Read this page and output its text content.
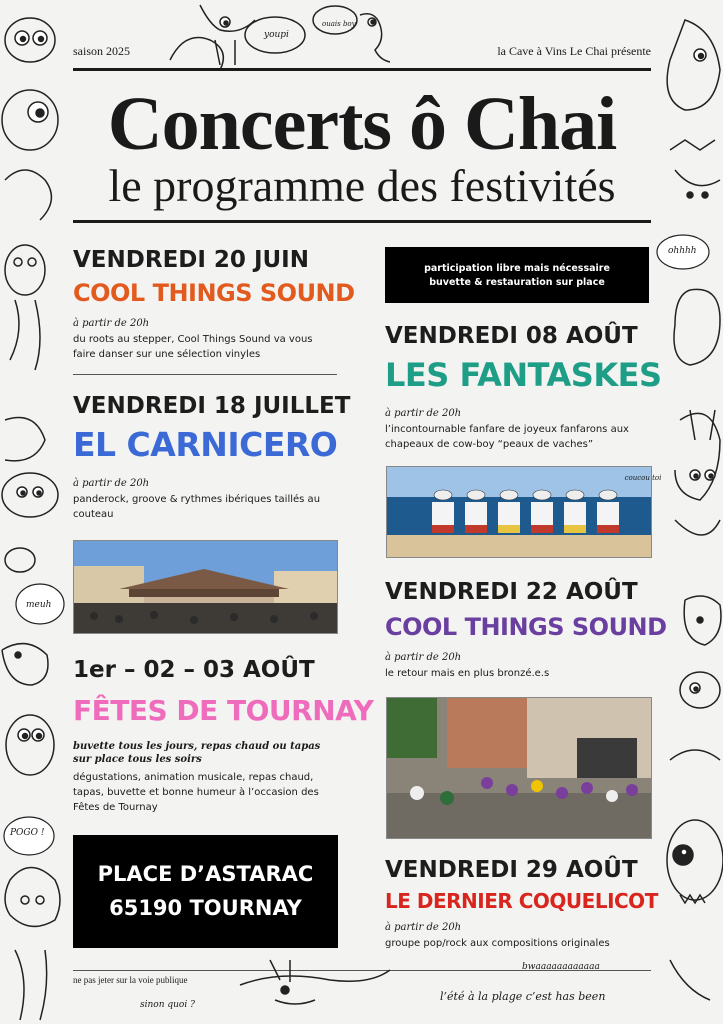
youpi
ouais boy
saison 2025	la Cave à Vins Le Chai présente
Concerts ô Chai
le programme des festivités
VENDREDI 20 JUIN
COOL THINGS SOUND
à partir de 20h
du roots au stepper, Cool Things Sound va vous faire danser sur une sélection vinyles
VENDREDI 18 JUILLET
EL CARNICERO
à partir de 20h
panderock, groove & rythmes ibériques taillés au couteau
1er – 02 – 03 AOÛT
FÊTES DE TOURNAY
buvette tous les jours, repas chaud ou tapas sur place tous les soirs
dégustations, animation musicale, repas chaud, tapas, buvette et bonne humeur à l’occasion des Fêtes de Tournay
PLACE D’ASTARAC
65190 TOURNAY
participation libre mais nécessaire
buvette & restauration sur place
VENDREDI 08 AOÛT
LES FANTASKES
à partir de 20h
l’incontournable fanfare de joyeux fanfarons aux chapeaux de cow-boy “peaux de vaches”
coucou toi
VENDREDI 22 AOÛT
COOL THINGS SOUND
à partir de 20h
le retour mais en plus bronzé.e.s
VENDREDI 29 AOÛT
LE DERNIER COQUELICOT
à partir de 20h
groupe pop/rock aux compositions originales
ne pas jeter sur la voie publique
sinon quoi ?
bwaaaaaaaaaaaa
l’été à la plage c’est has been
ohhhh
meuh
POGO !
